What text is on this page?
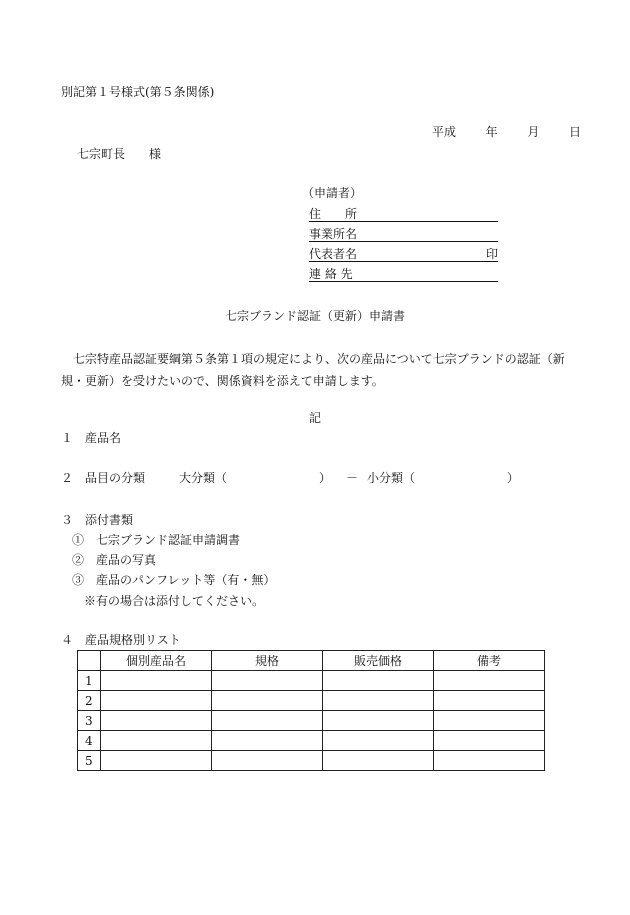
別記第１号様式(第５条関係)
平成 年 月 日
七宗町長　　様
（申請者）
住　　所
事業所名
代表者名	印
連 絡 先
七宗ブランド認証（更新）申請書
七宗特産品認証要綱第５条第１項の規定により、次の産品について七宗ブランドの認証（新規・更新）を受けたいので、関係資料を添えて申請します。
記
１　産品名
２　品目の分類	大分類（	） － 小分類（	）
３　添付書類
①　七宗ブランド認証申請調書
②　産品の写真
③　産品のパンフレット等（有・無）
※有の場合は添付してください。
４　産品規格別リスト
	個別産品名	規格	販売価格	備考
1				
2				
3				
4				
5				
